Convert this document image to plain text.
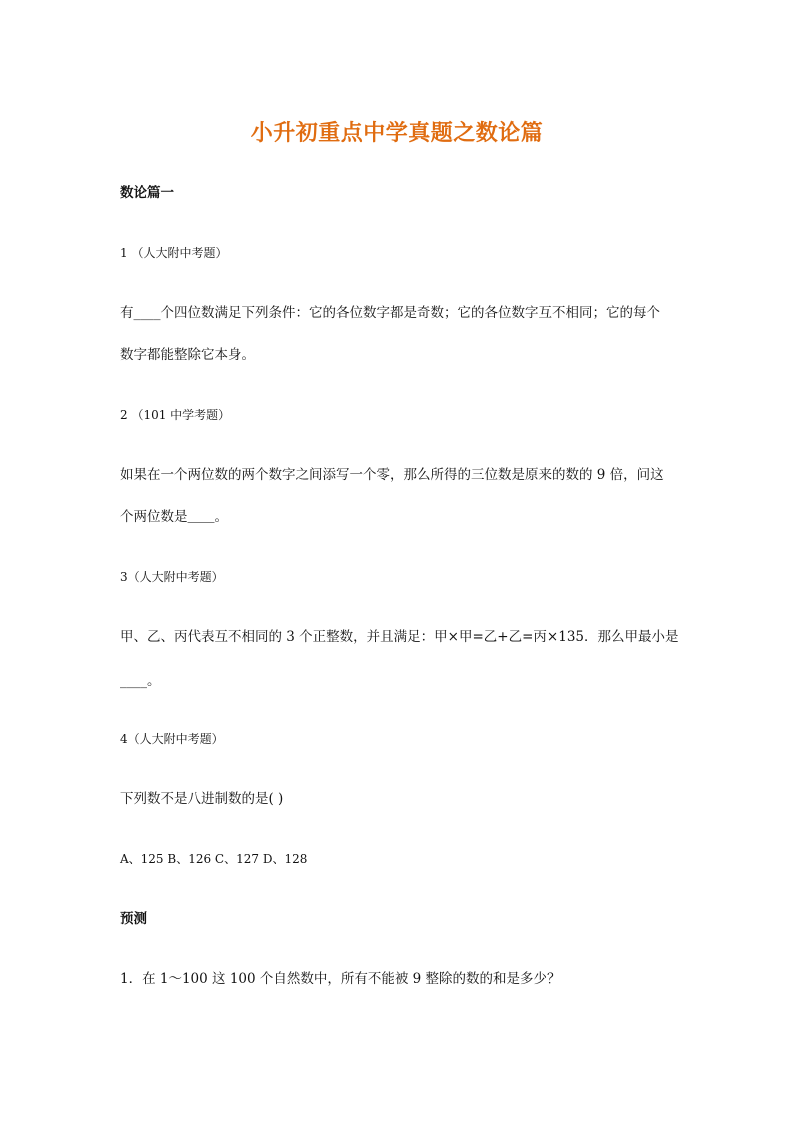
小升初重点中学真题之数论篇
数论篇一
1 （人大附中考题）
有____个四位数满足下列条件：它的各位数字都是奇数；它的各位数字互不相同；它的每个
数字都能整除它本身。
2 （101 中学考题）
如果在一个两位数的两个数字之间添写一个零，那么所得的三位数是原来的数的 9 倍，问这
个两位数是＿＿。
3（人大附中考题）
甲、乙、丙代表互不相同的 3 个正整数，并且满足：甲×甲=乙+乙=丙×135．那么甲最小是
____。
4（人大附中考题）
下列数不是八进制数的是( )
A、125 B、126 C、127 D、128
预测
1．在 1～100 这 100 个自然数中，所有不能被 9 整除的数的和是多少？
